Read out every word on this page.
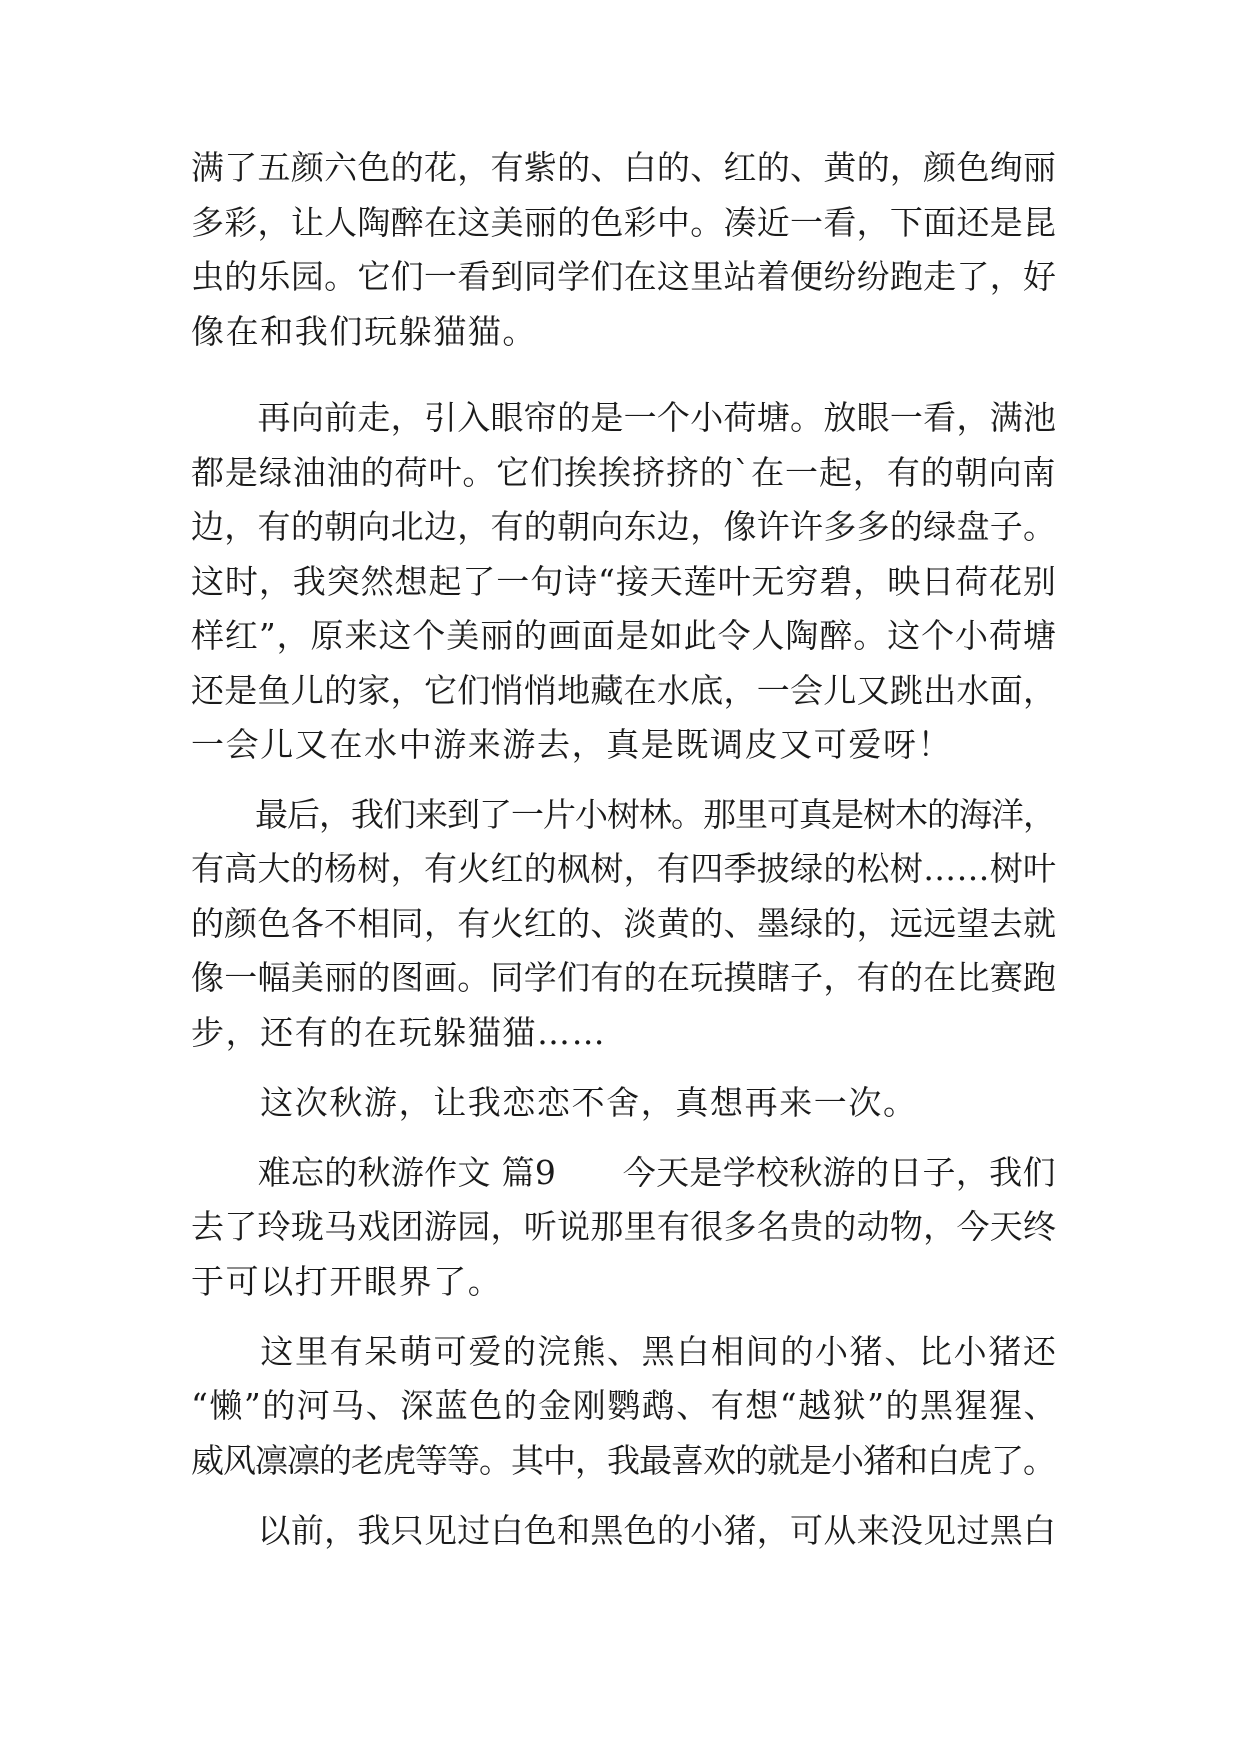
满了五颜六色的花，有紫的、白的、红的、黄的，颜色绚丽

多彩，让人陶醉在这美丽的色彩中。凑近一看，下面还是昆

虫的乐园。它们一看到同学们在这里站着便纷纷跑走了，好

像在和我们玩躲猫猫。

　　再向前走，引入眼帘的是一个小荷塘。放眼一看，满池

都是绿油油的荷叶。它们挨挨挤挤的`在一起，有的朝向南

边，有的朝向北边，有的朝向东边，像许许多多的绿盘子。

这时，我突然想起了一句诗“接天莲叶无穷碧，映日荷花别

样红”，原来这个美丽的画面是如此令人陶醉。这个小荷塘

还是鱼儿的家，它们悄悄地藏在水底，一会儿又跳出水面，

一会儿又在水中游来游去，真是既调皮又可爱呀！

　　最后，我们来到了一片小树林。那里可真是树木的海洋，

有高大的杨树，有火红的枫树，有四季披绿的松树……树叶

的颜色各不相同，有火红的、淡黄的、墨绿的，远远望去就

像一幅美丽的图画。同学们有的在玩摸瞎子，有的在比赛跑

步，还有的在玩躲猫猫……

　　这次秋游，让我恋恋不舍，真想再来一次。

　　难忘的秋游作文 篇9　　今天是学校秋游的日子，我们

去了玲珑马戏团游园，听说那里有很多名贵的动物，今天终

于可以打开眼界了。

　　这里有呆萌可爱的浣熊、黑白相间的小猪、比小猪还

“懒”的河马、深蓝色的金刚鹦鹉、有想“越狱”的黑猩猩、

威风凛凛的老虎等等。其中，我最喜欢的就是小猪和白虎了。

　　以前，我只见过白色和黑色的小猪，可从来没见过黑白
